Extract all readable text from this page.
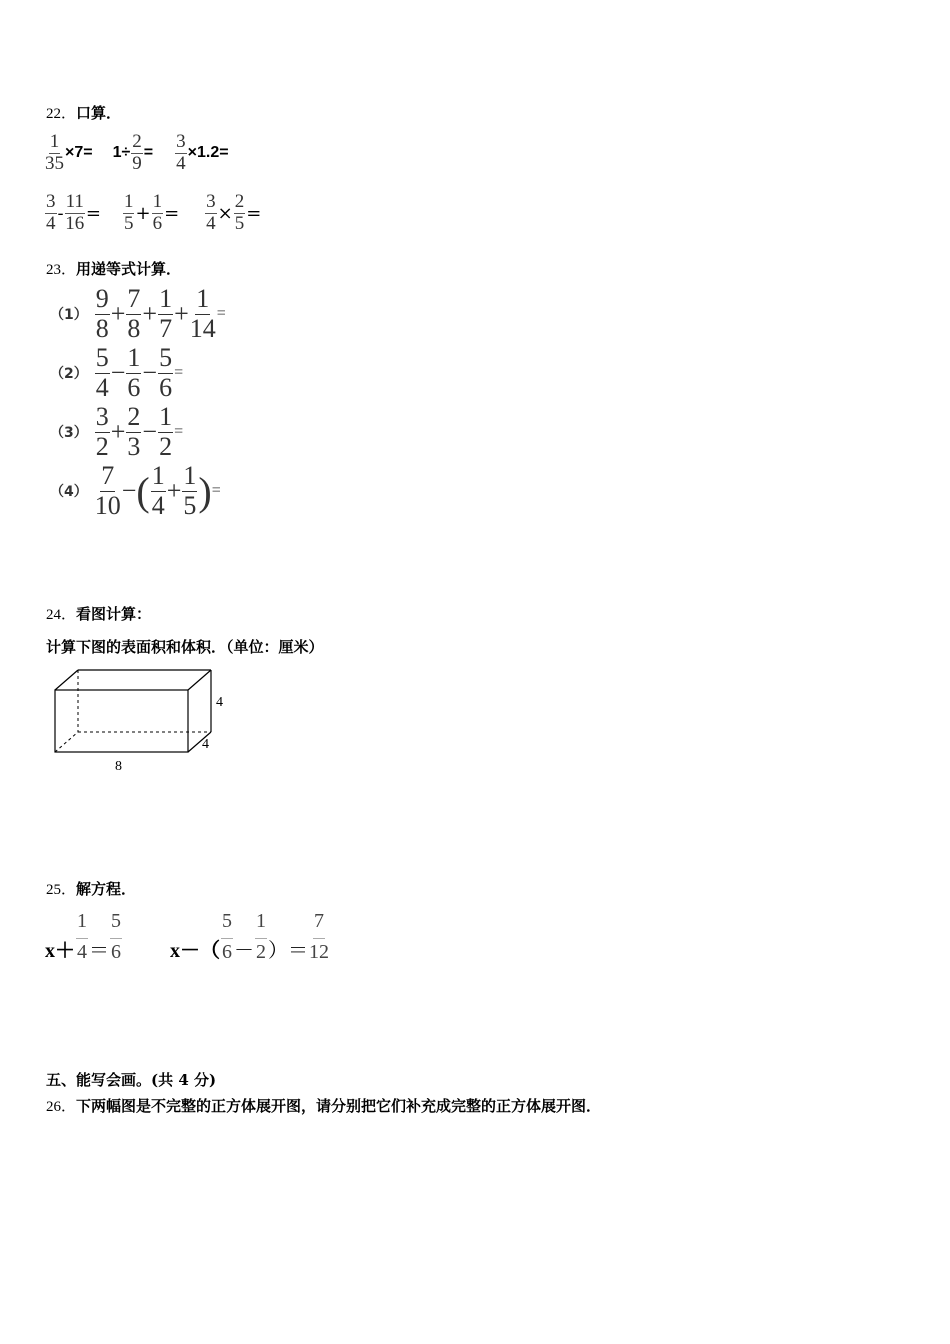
22．口算．
$\frac{1}{35} \times 7= 1\div \frac{2}{9} = \frac{3}{4} \times 1.2=$
$\frac{3}{4} - \frac{11}{16} = \frac{1}{5} + \frac{1}{6} = \frac{3}{4} \times \frac{2}{5}$ =
23．用递等式计算．
$(1) \frac{9}{8} + \frac{7}{8} + \frac{1}{7} + \frac{1}{14}$ =
$(2) \frac{5}{4} - \frac{1}{6} - \frac{5}{6}$ =
$(3) \frac{3}{2} + \frac{2}{3} - \frac{1}{2}$ =
$(4) \frac{7}{10}$ − ( $\frac{1}{4} + \frac{1}{5}$ ) =
24．看图计算：
计算下图的表面积和体积．（单位：厘米）
4
4
8
25．解方程．
$x+ \frac{1}{4} = \frac{5}{6} x-( \frac{5}{6} - \frac{1}{2}$ ）＝ $\frac{7}{12}$
五、能写会画。(共 4 分)
26．下两幅图是不完整的正方体展开图，请分别把它们补充成完整的正方体展开图．
